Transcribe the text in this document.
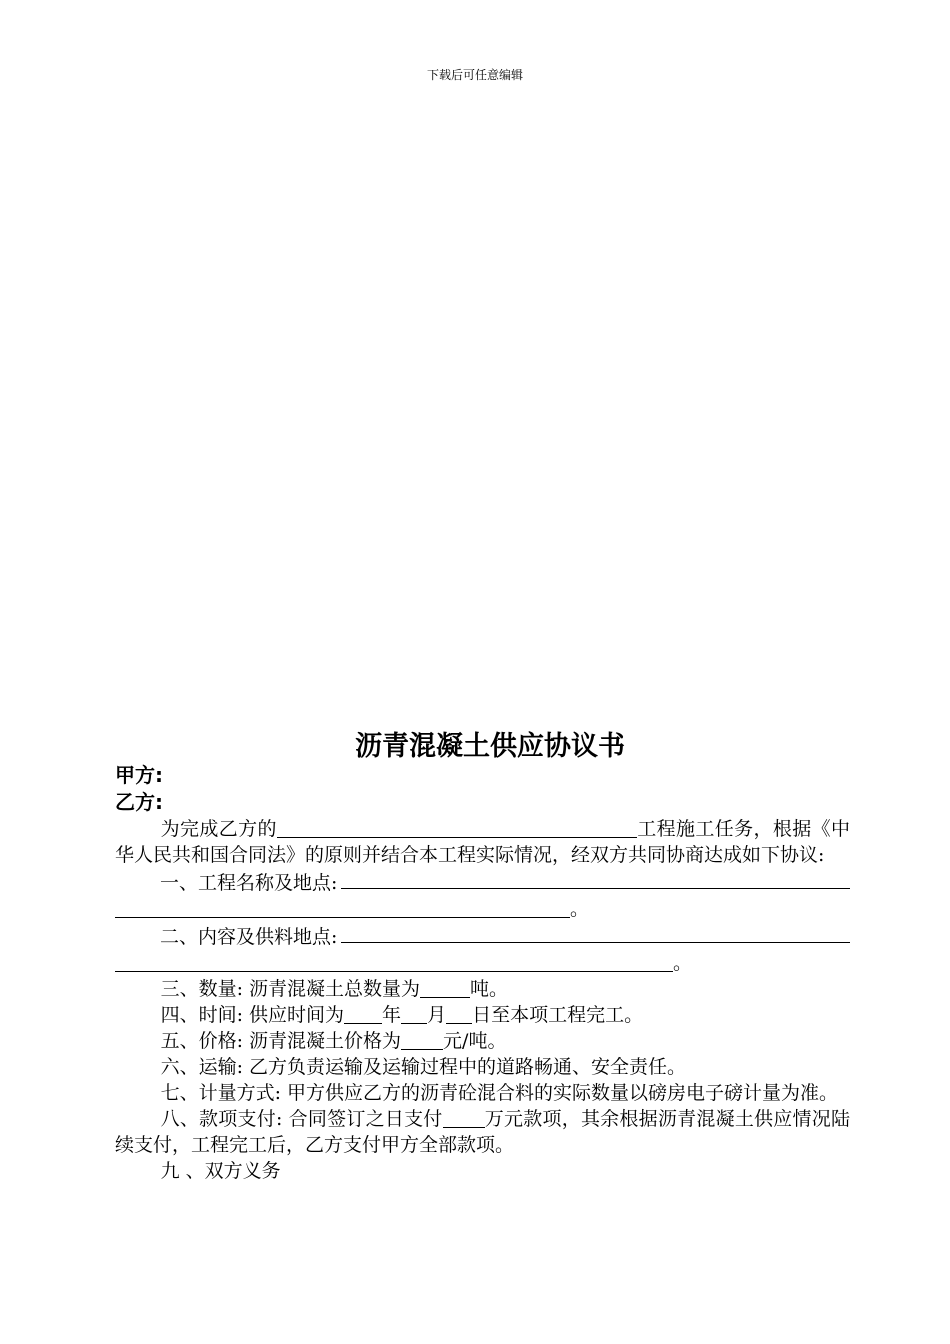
下载后可任意编辑
沥青混凝土供应协议书
甲方:
乙方:
为完成乙方的	工程施工任务，根据《中华人民共和国合同法》的原则并结合本工程实际情况，经双方共同协商达成如下协议:
一、工程名称及地点:
。
二、内容及供料地点:
。
三、数量: 沥青混凝土总数量为	吨。
四、时间: 供应时间为 年 月 日至本项工程完工。
五、价格: 沥青混凝土价格为 元/吨。
六、运输: 乙方负责运输及运输过程中的道路畅通、安全责任。
七、计量方式: 甲方供应乙方的沥青砼混合料的实际数量以磅房电子磅计量为准。
八、款项支付: 合同签订之日支付 万元款项，其余根据沥青混凝土供应情况陆续支付，工程完工后，乙方支付甲方全部款项。
九 、双方义务
